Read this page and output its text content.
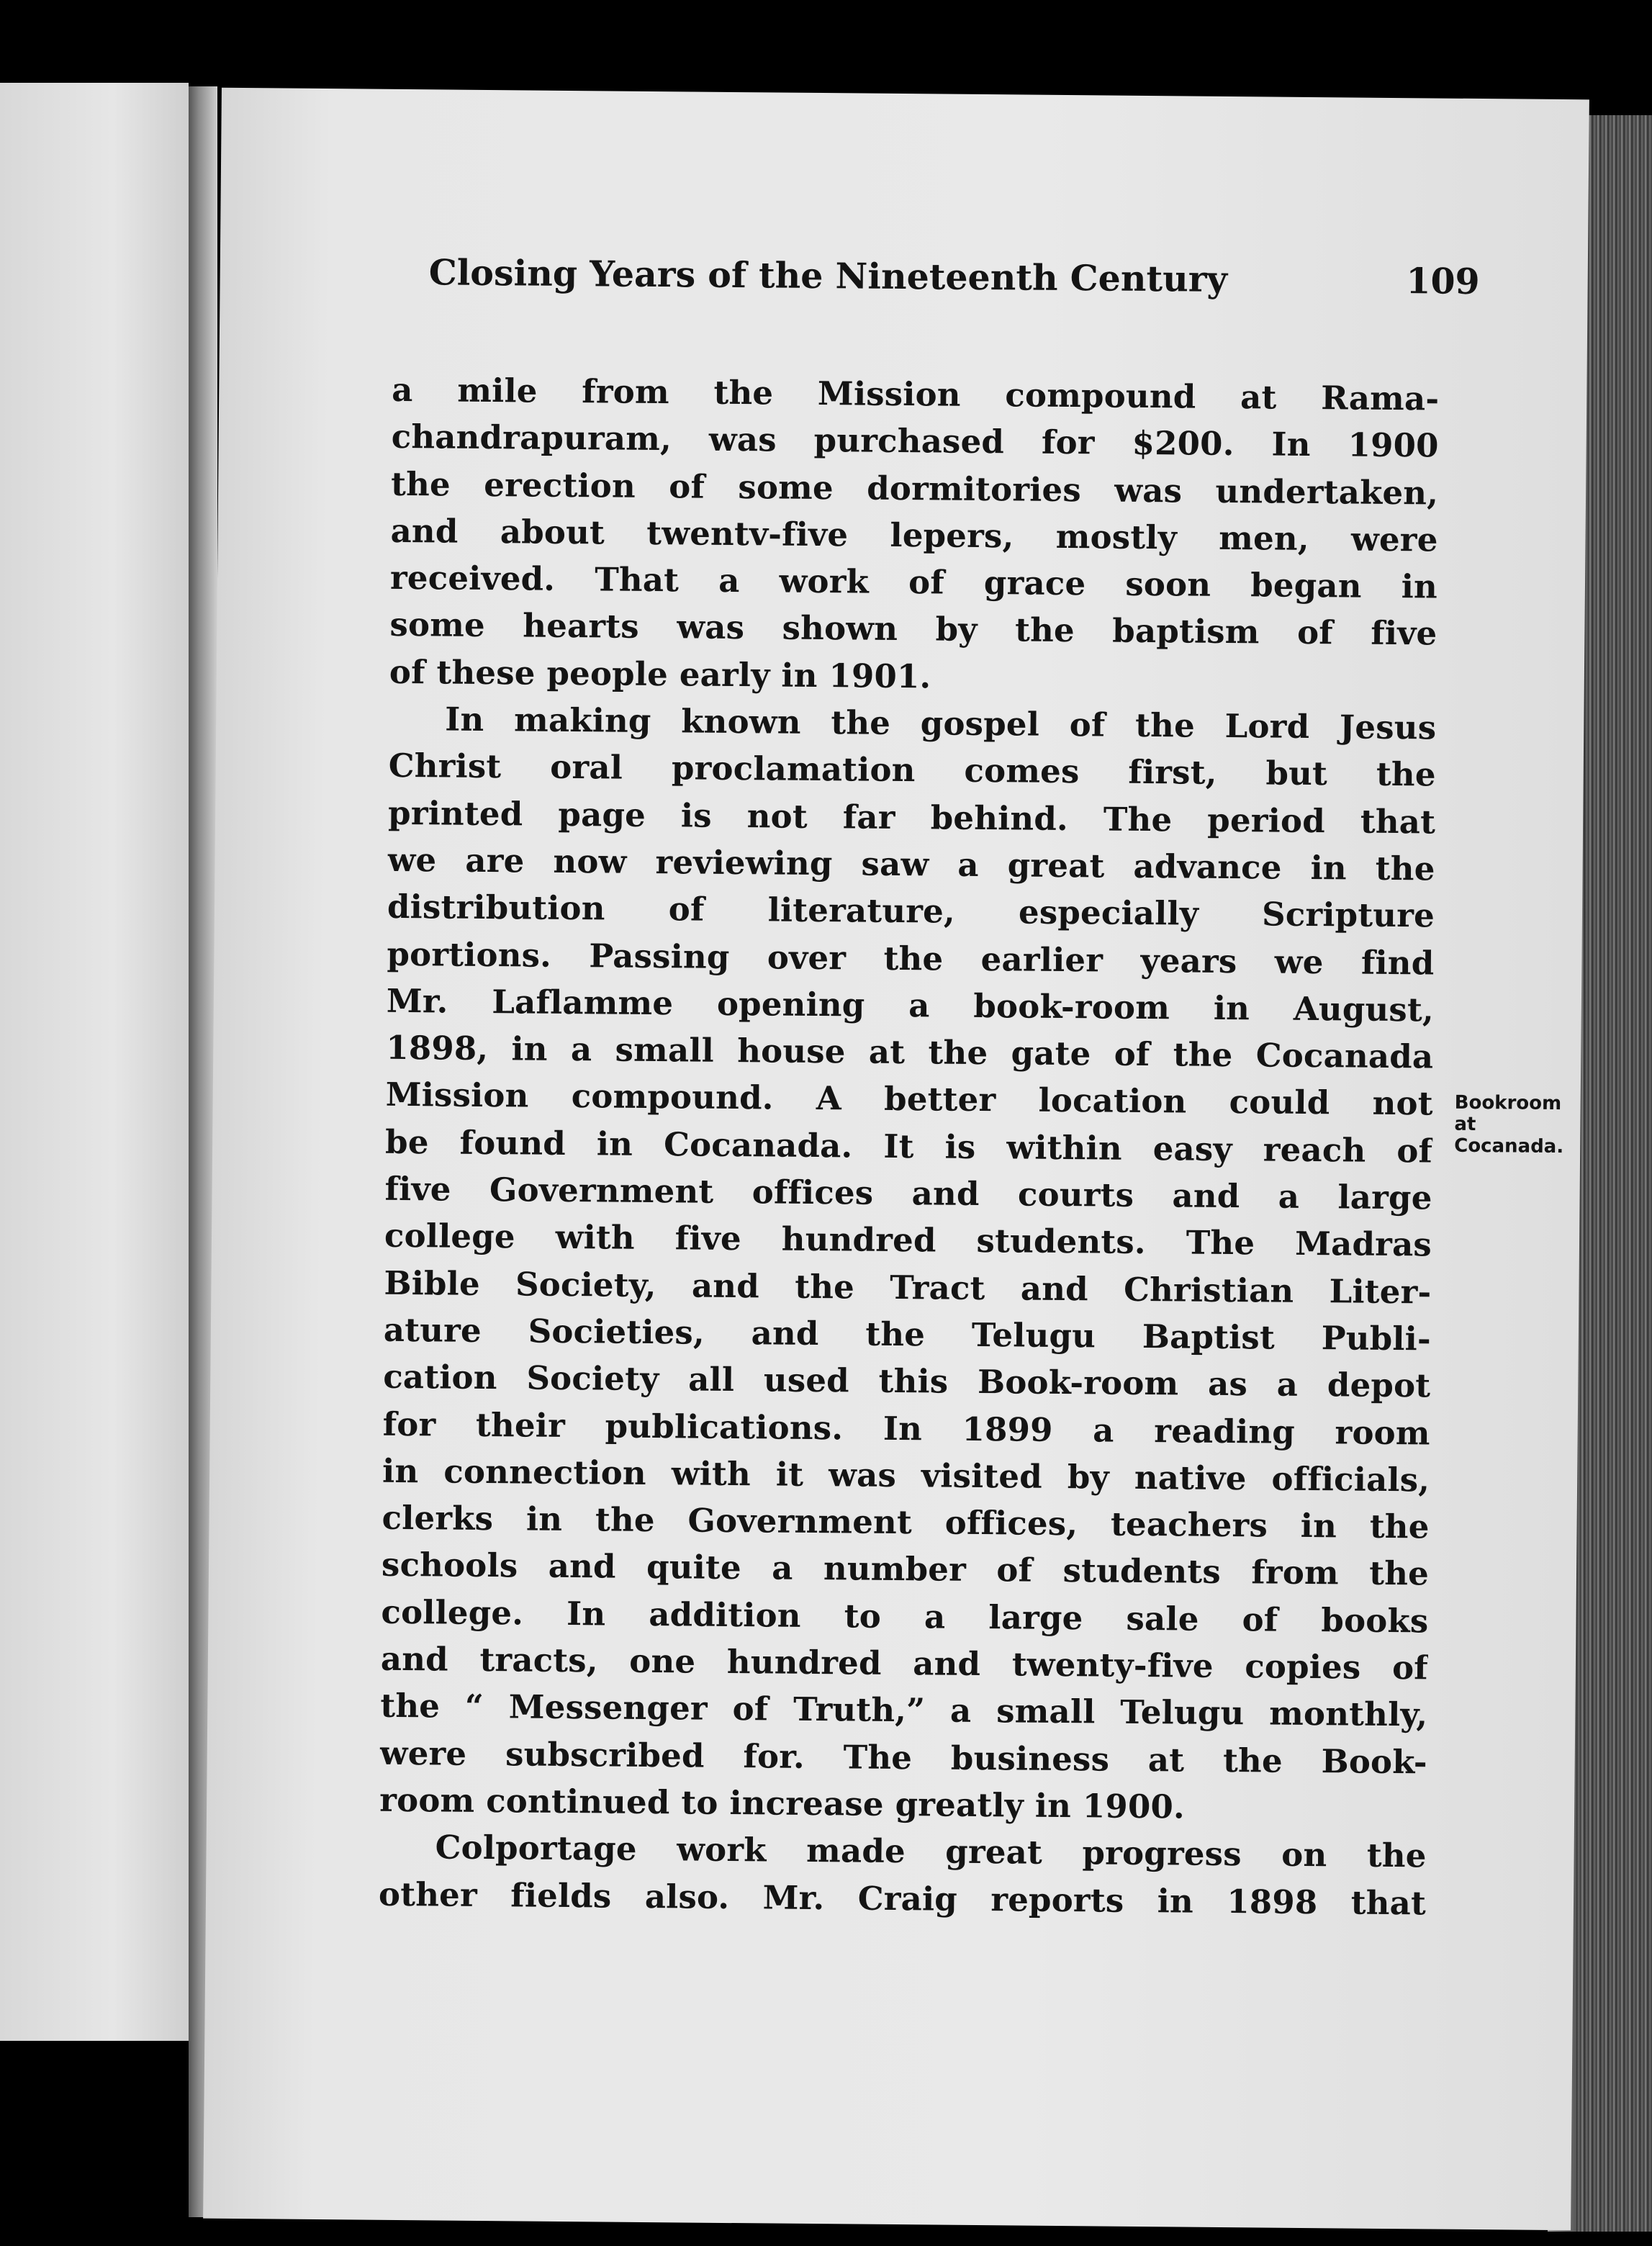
Closing Years of the Nineteenth Century	109
a mile from the Mission compound at Rama-
chandrapuram, was purchased for $200. In 1900
the erection of some dormitories was undertaken,
and about twentv-five lepers, mostly men, were
received. That a work of grace soon began in
some hearts was shown by the baptism of five
of these people early in 1901.
In making known the gospel of the Lord Jesus
Christ oral proclamation comes first, but the
printed page is not far behind. The period that
we are now reviewing saw a great advance in the
distribution of literature, especially Scripture
portions. Passing over the earlier years we find
Mr. Laflamme opening a book-room in August,
1898, in a small house at the gate of the Cocanada
Mission compound. A better location could not
be found in Cocanada. It is within easy reach of
five Government offices and courts and a large
college with five hundred students. The Madras
Bible Society, and the Tract and Christian Liter-
ature Societies, and the Telugu Baptist Publi-
cation Society all used this Book-room as a depot
for their publications. In 1899 a reading room
in connection with it was visited by native officials,
clerks in the Government offices, teachers in the
schools and quite a number of students from the
college. In addition to a large sale of books
and tracts, one hundred and twenty-five copies of
the “ Messenger of Truth,” a small Telugu monthly,
were subscribed for. The business at the Book-
room continued to increase greatly in 1900.
Colportage work made great progress on the
other fields also. Mr. Craig reports in 1898 that
Bookroom
at
Cocanada.
